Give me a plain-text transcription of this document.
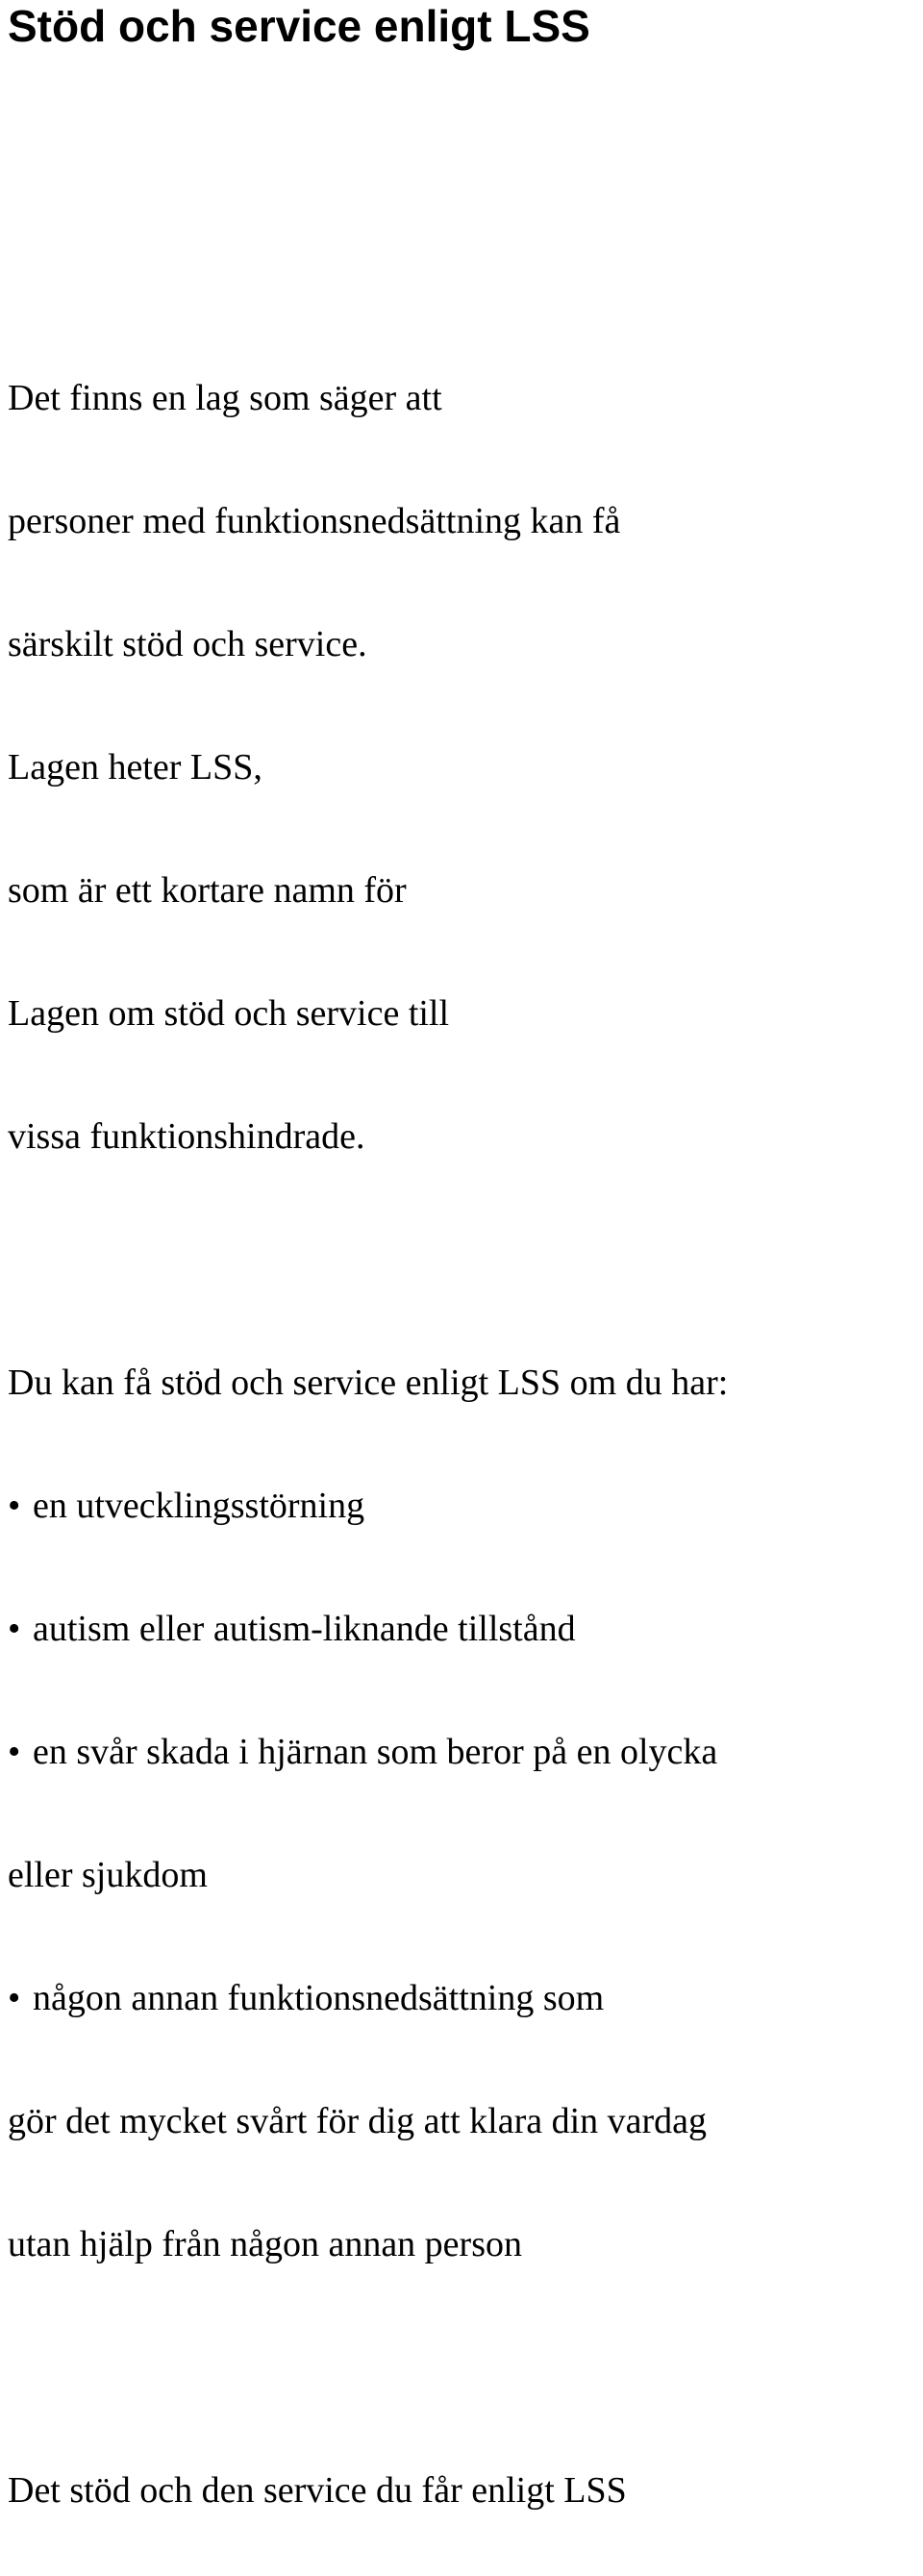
Stöd och service enligt LSS

Det finns en lag som säger att

personer med funktionsnedsättning kan få

särskilt stöd och service.

Lagen heter LSS,

som är ett kortare namn för

Lagen om stöd och service till

vissa funktionshindrade.

Du kan få stöd och service enligt LSS om du har:

• en utvecklingsstörning

• autism eller autism-liknande tillstånd

• en svår skada i hjärnan som beror på en olycka

eller sjukdom

• någon annan funktionsnedsättning som

gör det mycket svårt för dig att klara din vardag

utan hjälp från någon annan person

Det stöd och den service du får enligt LSS
